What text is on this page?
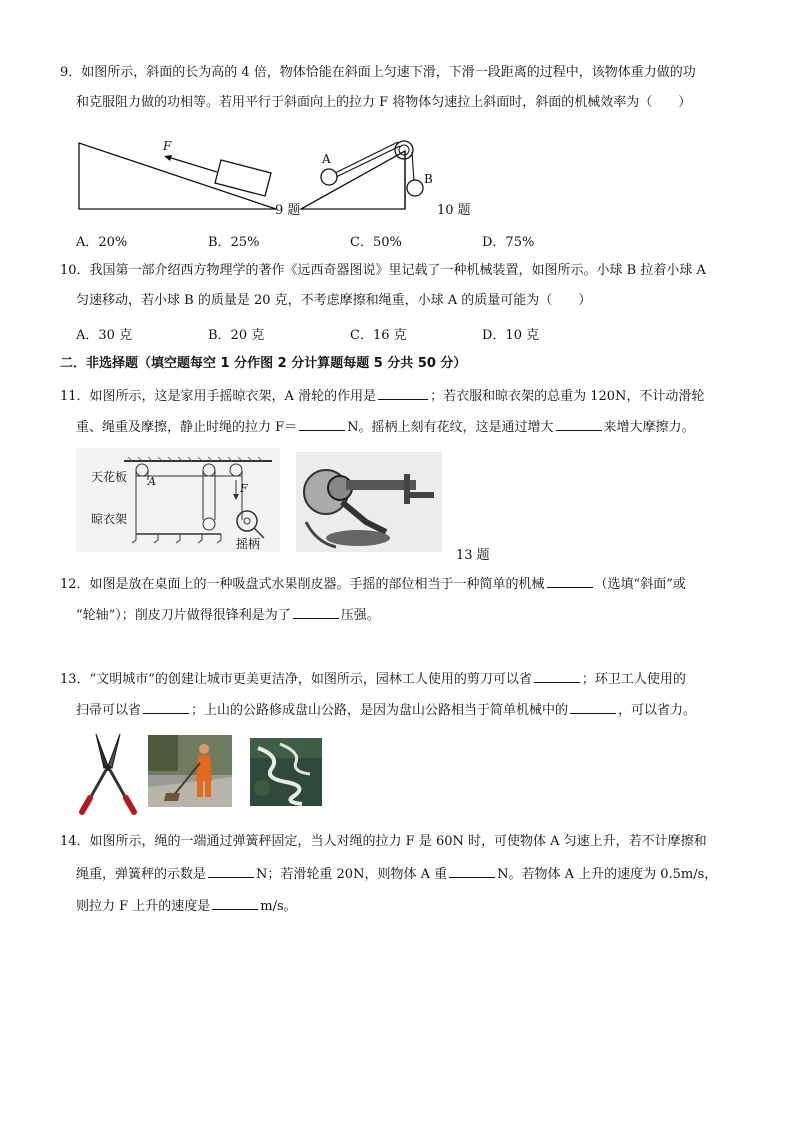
9．如图所示，斜面的长为高的 4 倍，物体恰能在斜面上匀速下滑，下滑一段距离的过程中，该物体重力做的功
和克服阻力做的功相等。若用平行于斜面向上的拉力 F 将物体匀速拉上斜面时，斜面的机械效率为（　　）
F
9 题
A
B
10 题
A．20%	B．25%	C．50%	D．75%
10．我国第一部介绍西方物理学的著作《远西奇器图说》里记载了一种机械装置，如图所示。小球 B 拉着小球 A
匀速移动，若小球 B 的质量是 20 克，不考虑摩擦和绳重，小球 A 的质量可能为（　　）
A．30 克	B．20 克	C．16 克	D．10 克
二．非选择题（填空题每空 1 分作图 2 分计算题每题 5 分共 50 分）
11．如图所示，这是家用手摇晾衣架，A 滑轮的作用是	；若衣服和晾衣架的总重为 120N，不计动滑轮
重、绳重及摩擦，静止时绳的拉力 F＝	N。摇柄上刻有花纹，这是通过增大	来增大摩擦力。
天花板
晾衣架
摇柄
A
F
13 题
12．如图是放在桌面上的一种吸盘式水果削皮器。手摇的部位相当于一种简单的机械	（选填“斜面”或
“轮轴”）；削皮刀片做得很锋利是为了	压强。
13．“文明城市”的创建让城市更美更洁净，如图所示，园林工人使用的剪刀可以省	；环卫工人使用的
扫帚可以省	；上山的公路修成盘山公路，是因为盘山公路相当于简单机械中的	，可以省力。
14．如图所示，绳的一端通过弹簧秤固定，当人对绳的拉力 F 是 60N 时，可使物体 A 匀速上升，若不计摩擦和
绳重，弹簧秤的示数是	N；若滑轮重 20N，则物体 A 重	N。若物体 A 上升的速度为 0.5m/s，
则拉力 F 上升的速度是	m/s。
